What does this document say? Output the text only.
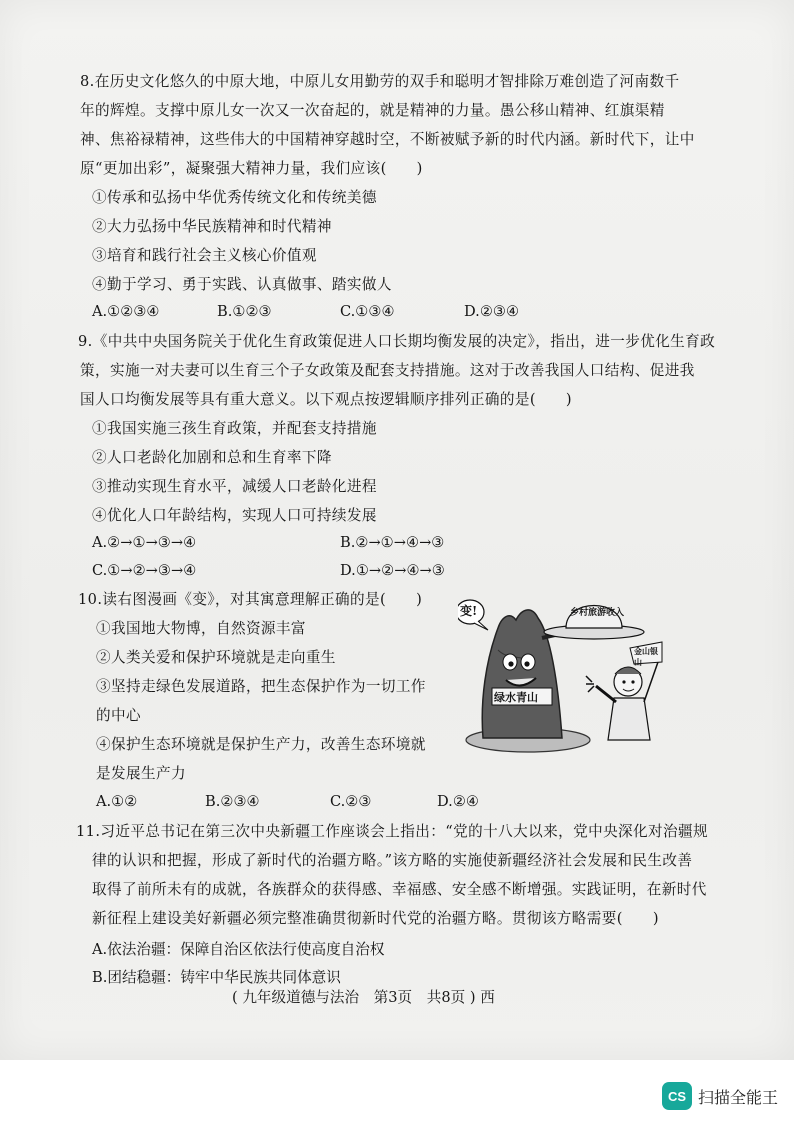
8.在历史文化悠久的中原大地，中原儿女用勤劳的双手和聪明才智排除万难创造了河南数千
年的辉煌。支撑中原儿女一次又一次奋起的，就是精神的力量。愚公移山精神、红旗渠精
神、焦裕禄精神，这些伟大的中国精神穿越时空，不断被赋予新的时代内涵。新时代下，让中
原“更加出彩”，凝聚强大精神力量，我们应该(　　)
①传承和弘扬中华优秀传统文化和传统美德
②大力弘扬中华民族精神和时代精神
③培育和践行社会主义核心价值观
④勤于学习、勇于实践、认真做事、踏实做人
A.①②③④	B.①②③	C.①③④	D.②③④
9.《中共中央国务院关于优化生育政策促进人口长期均衡发展的决定》，指出，进一步优化生育政
策，实施一对夫妻可以生育三个子女政策及配套支持措施。这对于改善我国人口结构、促进我
国人口均衡发展等具有重大意义。以下观点按逻辑顺序排列正确的是(　　)
①我国实施三孩生育政策，并配套支持措施
②人口老龄化加剧和总和生育率下降
③推动实现生育水平，减缓人口老龄化进程
④优化人口年龄结构，实现人口可持续发展
A.②→①→③→④	B.②→①→④→③
C.①→②→③→④	D.①→②→④→③
10.读右图漫画《变》，对其寓意理解正确的是(　　)
①我国地大物博，自然资源丰富
②人类关爱和保护环境就是走向重生
③坚持走绿色发展道路，把生态保护作为一切工作
的中心
④保护生态环境就是保护生产力，改善生态环境就
是发展生产力
A.①②	B.②③④	C.②③	D.②④
变!	乡村旅游收入
金山银山
绿水青山
11.习近平总书记在第三次中央新疆工作座谈会上指出：“党的十八大以来，党中央深化对治疆规
律的认识和把握，形成了新时代的治疆方略。”该方略的实施使新疆经济社会发展和民生改善
取得了前所未有的成就，各族群众的获得感、幸福感、安全感不断增强。实践证明，在新时代
新征程上建设美好新疆必须完整准确贯彻新时代党的治疆方略。贯彻该方略需要(　　)
A.依法治疆：保障自治区依法行使高度自治权
B.团结稳疆：铸牢中华民族共同体意识
( 九年级道德与法治　第3页　共8页 ) 西
CS 扫描全能王
